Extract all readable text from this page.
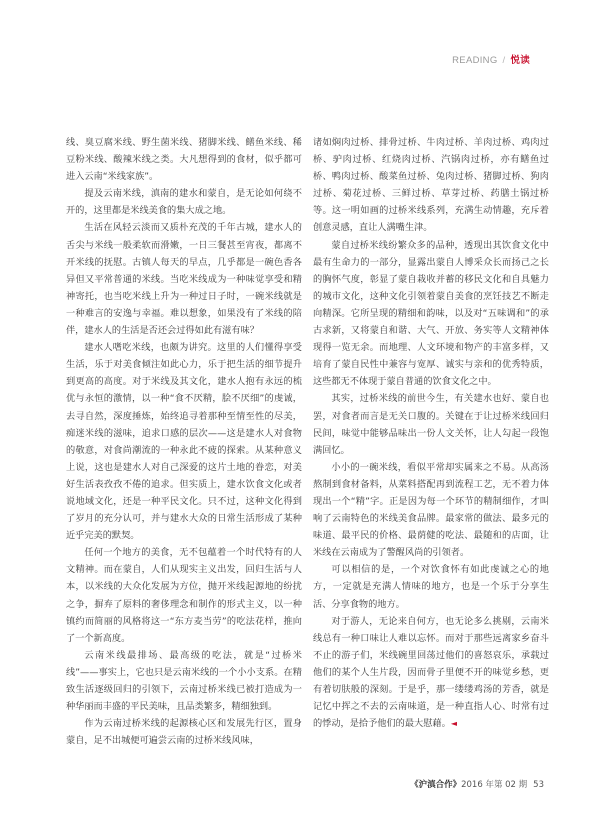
READING / 悦读

线、臭豆腐米线、野生菌米线、猪脚米线、鳝鱼米线、稀豆粉米线、酸辣米线之类。大凡想得到的食材，似乎都可进入云南“米线家族”。

提及云南米线，滇南的建水和蒙自，是无论如何绕不开的，这里都是米线美食的集大成之地。

生活在风轻云淡而又质朴充茂的千年古城，建水人的舌尖与米线一般柔软而滑嫩，一日三餐甚至宵夜，都离不开米线的抚慰。古镇人每天的早点，几乎都是一碗色香各异但又平常普通的米线。当吃米线成为一种味觉享受和精神寄托，也当吃米线上升为一种过日子时，一碗米线就是一种难言的安逸与幸福。难以想象，如果没有了米线的陪伴，建水人的生活是否还会过得如此有滋有味？

建水人嗜吃米线，也颇为讲究。这里的人们懂得享受生活，乐于对美食倾注如此心力，乐于把生活的细节提升到更高的高度。对于米线及其文化，建水人抱有永远的梳优与永恒的激情，以一种“食不厌精，脍不厌细”的虔诚，去寻自然，深度捶炼，始终追寻着那种至情至性的尽美，痴迷米线的滋味，追求口感的层次——这是建水人对食物的敬意，对食尚潮流的一种永此不疲的探索。从某种意义上说，这也是建水人对自己深爱的这片土地的眷恋，对美好生活表孜孜不倦的追求。但实质上，建水饮食文化或者说地域文化，还是一种平民文化。只不过，这种文化得到了岁月的充分认可，并与建水大众的日常生活形成了某种近乎完美的默契。

任何一个地方的美食，无不包蕴着一个时代特有的人文精神。而在蒙自，人们从现实主义出发，回归生活与人本，以米线的大众化发展为方位，抛开米线起源地的纷扰之争，摒弃了原料的奢侈理念和制作的形式主义，以一种镇约而简丽的风格将这一“东方麦当劳”的吃法花样，推向了一个新高度。

云南米线最排场、最高级的吃法，就是“过桥米线”——事实上，它也只是云南米线的一个小小支系。在精致生活逐级回归的引领下，云南过桥米线已被打造成为一种华丽而丰盛的平民美味，且品类繁多，精细独到。

作为云南过桥米线的起源核心区和发展先行区，置身蒙自，足不出城便可遍尝云南的过桥米线风味，

诸如焖肉过桥、排骨过桥、牛肉过桥、羊肉过桥、鸡肉过桥、驴肉过桥、红烧肉过桥、汽锅肉过桥，亦有鳝鱼过桥、鸭肉过桥、酸菜鱼过桥、兔肉过桥、猪脚过桥、狗肉过桥、菊花过桥、三鲜过桥、草芽过桥、药膳土锅过桥等。这一明如画的过桥米线系列，充满生动情趣，充斥着创意灵感，直让人满嘴生津。

蒙自过桥米线纷繁众多的品种，透现出其饮食文化中最有生命力的一部分，显露出蒙自人博采众长而扬己之长的胸怀气度，彰显了蒙自栽收并蓄的移民文化和自具魅力的城市文化，这种文化引领着蒙自美食的烹饪技艺不断走向精深。它所呈现的精细和韵味，以及对“五味调和”的承古求新，又将蒙自和谐、大气、开放、务实等人文精神体现得一览无余。而地理、人文环境和物产的丰富多样，又培育了蒙自民性中兼容与宽厚、诚实与亲和的优秀特质，这些都无不体现于蒙自普通的饮食文化之中。

其实，过桥米线的前世今生，有关建水也好、蒙自也罢，对食者而言是无关口腹的。关键在于让过桥米线回归民间，味觉中能够品味出一份人文关怀，让人勾起一段饱满回忆。

小小的一碗米线，看似平常却实属来之不易。从高汤熬制到食材备料，从菜料搭配再到流程工艺，无不着力体现出一个“精”字。正是因为每一个环节的精制细作，才叫响了云南特色的米线美食品牌。最家常的做法、最多元的味道、最平民的价格、最荫健的吃法、最随和的店面，让米线在云南成为了警醒风尚的引领者。

可以相信的是，一个对饮食怀有如此虔诚之心的地方，一定就是充满人情味的地方，也是一个乐于分享生活、分享食物的地方。

对于游人，无论来自何方，也无论多么挑剔，云南米线总有一种口味让人难以忘怀。而对于那些远离家乡奋斗不止的游子们，米线碗里回荡过他们的喜怒哀乐，承载过他们的某个人生片段，因而骨子里便不开的味觉乡愁，更有着切肤般的深刻。于是乎，那一缕缕鸡汤的芳香，就是记忆中挥之不去的云南味道，是一种直指人心、时常有过的悸动，是拾予他们的最大慰藉。◄

《沪滇合作》2016 年第 02 期 53
